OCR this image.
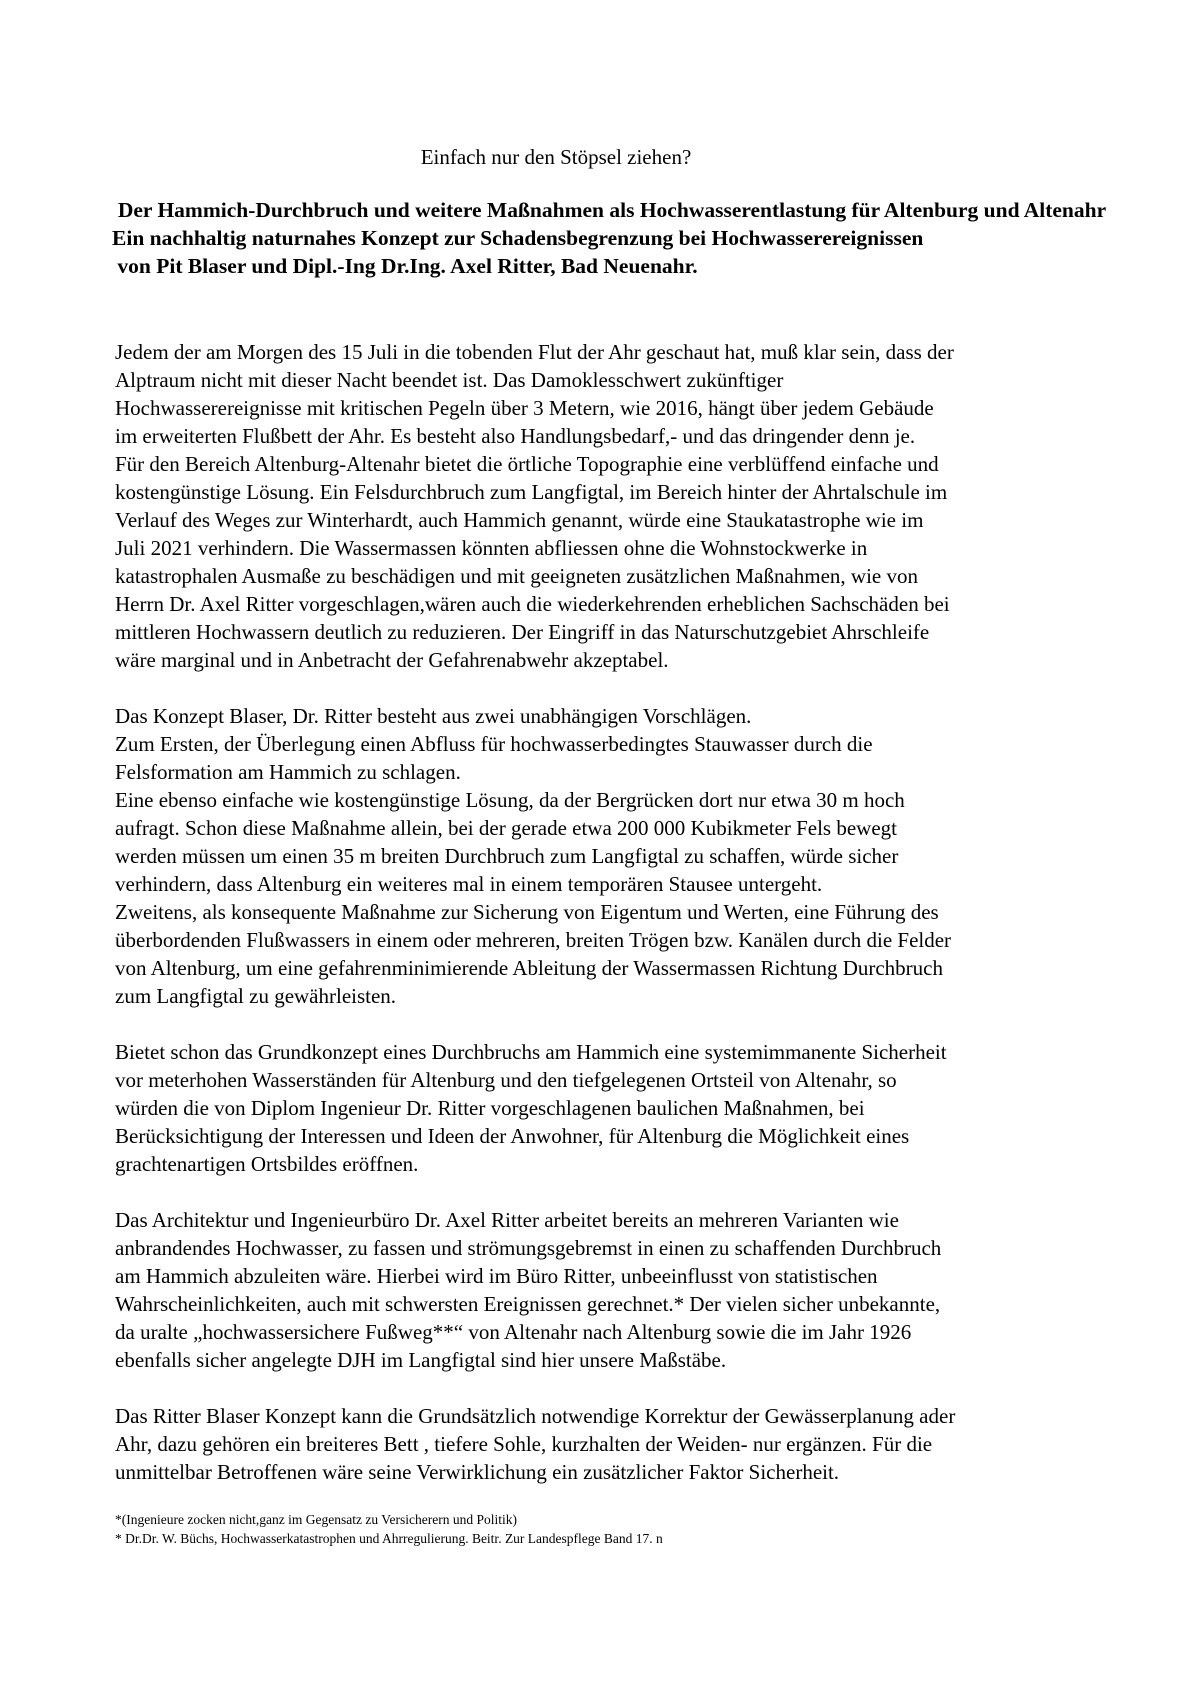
Einfach nur den Stöpsel ziehen?

Der Hammich-Durchbruch und weitere Maßnahmen als Hochwasserentlastung für Altenburg und Altenahr
Ein nachhaltig naturnahes Konzept zur Schadensbegrenzung bei Hochwasserereignissen
von Pit Blaser und Dipl.-Ing Dr.Ing. Axel Ritter, Bad Neuenahr.

Jedem der am Morgen des 15 Juli in die tobenden Flut der Ahr geschaut hat, muß klar sein, dass der
Alptraum nicht mit dieser Nacht beendet ist. Das Damoklesschwert zukünftiger
Hochwasserereignisse mit kritischen Pegeln über 3 Metern, wie 2016, hängt über jedem Gebäude
im erweiterten Flußbett der Ahr. Es besteht also Handlungsbedarf,- und das dringender denn je.
Für den Bereich Altenburg-Altenahr bietet die örtliche Topographie eine verblüffend einfache und
kostengünstige Lösung. Ein Felsdurchbruch zum Langfigtal, im Bereich hinter der Ahrtalschule im
Verlauf des Weges zur Winterhardt, auch Hammich genannt, würde eine Staukatastrophe wie im
Juli 2021 verhindern. Die Wassermassen könnten abfliessen ohne die Wohnstockwerke in
katastrophalen Ausmaße zu beschädigen und mit geeigneten zusätzlichen Maßnahmen, wie von
Herrn Dr. Axel Ritter vorgeschlagen,wären auch die wiederkehrenden erheblichen Sachschäden bei
mittleren Hochwassern deutlich zu reduzieren. Der Eingriff in das Naturschutzgebiet Ahrschleife
wäre marginal und in Anbetracht der Gefahrenabwehr akzeptabel.

Das Konzept Blaser, Dr. Ritter besteht aus zwei unabhängigen Vorschlägen.
Zum Ersten, der Überlegung einen Abfluss für hochwasserbedingtes Stauwasser durch die
Felsformation am Hammich zu schlagen.
Eine ebenso einfache wie kostengünstige Lösung, da der Bergrücken dort nur etwa 30 m hoch
aufragt. Schon diese Maßnahme allein, bei der gerade etwa 200 000 Kubikmeter Fels bewegt
werden müssen um einen 35 m breiten Durchbruch zum Langfigtal zu schaffen, würde sicher
verhindern, dass Altenburg ein weiteres mal in einem temporären Stausee untergeht.
Zweitens, als konsequente Maßnahme zur Sicherung von Eigentum und Werten, eine Führung des
überbordenden Flußwassers in einem oder mehreren, breiten Trögen bzw. Kanälen durch die Felder
von Altenburg, um eine gefahrenminimierende Ableitung der Wassermassen Richtung Durchbruch
zum Langfigtal zu gewährleisten.

Bietet schon das Grundkonzept eines Durchbruchs am Hammich eine systemimmanente Sicherheit
vor meterhohen Wasserständen für Altenburg und den tiefgelegenen Ortsteil von Altenahr, so
würden die von Diplom Ingenieur Dr. Ritter vorgeschlagenen baulichen Maßnahmen, bei
Berücksichtigung der Interessen und Ideen der Anwohner, für Altenburg die Möglichkeit eines
grachtenartigen Ortsbildes eröffnen.

Das Architektur und Ingenieurbüro Dr. Axel Ritter arbeitet bereits an mehreren Varianten wie
anbrandendes Hochwasser, zu fassen und strömungsgebremst in einen zu schaffenden Durchbruch
am Hammich abzuleiten wäre. Hierbei wird im Büro Ritter, unbeeinflusst von statistischen
Wahrscheinlichkeiten, auch mit schwersten Ereignissen gerechnet.* Der vielen sicher unbekannte,
da uralte „hochwassersichere Fußweg**“ von Altenahr nach Altenburg sowie die im Jahr 1926
ebenfalls sicher angelegte DJH im Langfigtal sind hier unsere Maßstäbe.

Das Ritter Blaser Konzept kann die Grundsätzlich notwendige Korrektur der Gewässerplanung ader
Ahr, dazu gehören ein breiteres Bett , tiefere Sohle, kurzhalten der Weiden- nur ergänzen. Für die
unmittelbar Betroffenen wäre seine Verwirklichung ein zusätzlicher Faktor Sicherheit.

*(Ingenieure zocken nicht,ganz im Gegensatz zu Versicherern und Politik)
* Dr.Dr. W. Büchs, Hochwasserkatastrophen und Ahrregulierung. Beitr. Zur Landespflege Band 17. n
